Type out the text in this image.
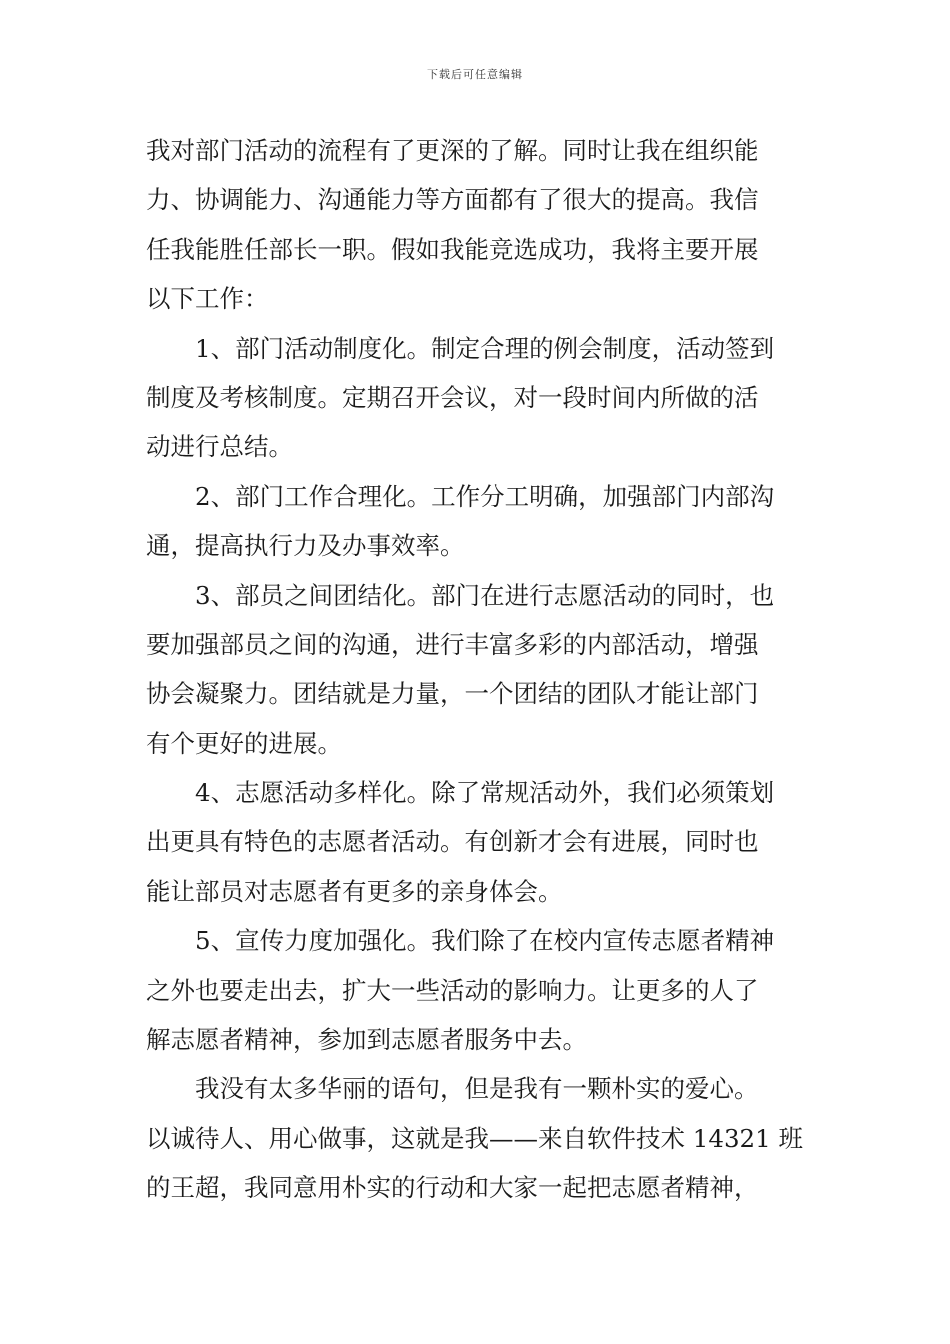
下载后可任意编辑
我对部门活动的流程有了更深的了解。同时让我在组织能
力、协调能力、沟通能力等方面都有了很大的提高。我信
任我能胜任部长一职。假如我能竞选成功，我将主要开展
以下工作：
1、部门活动制度化。制定合理的例会制度，活动签到
制度及考核制度。定期召开会议，对一段时间内所做的活
动进行总结。
2、部门工作合理化。工作分工明确，加强部门内部沟
通，提高执行力及办事效率。
3、部员之间团结化。部门在进行志愿活动的同时，也
要加强部员之间的沟通，进行丰富多彩的内部活动，增强
协会凝聚力。团结就是力量，一个团结的团队才能让部门
有个更好的进展。
4、志愿活动多样化。除了常规活动外，我们必须策划
出更具有特色的志愿者活动。有创新才会有进展，同时也
能让部员对志愿者有更多的亲身体会。
5、宣传力度加强化。我们除了在校内宣传志愿者精神
之外也要走出去，扩大一些活动的影响力。让更多的人了
解志愿者精神，参加到志愿者服务中去。
我没有太多华丽的语句，但是我有一颗朴实的爱心。
以诚待人、用心做事，这就是我——来自软件技术 14321 班
的王超，我同意用朴实的行动和大家一起把志愿者精神，
